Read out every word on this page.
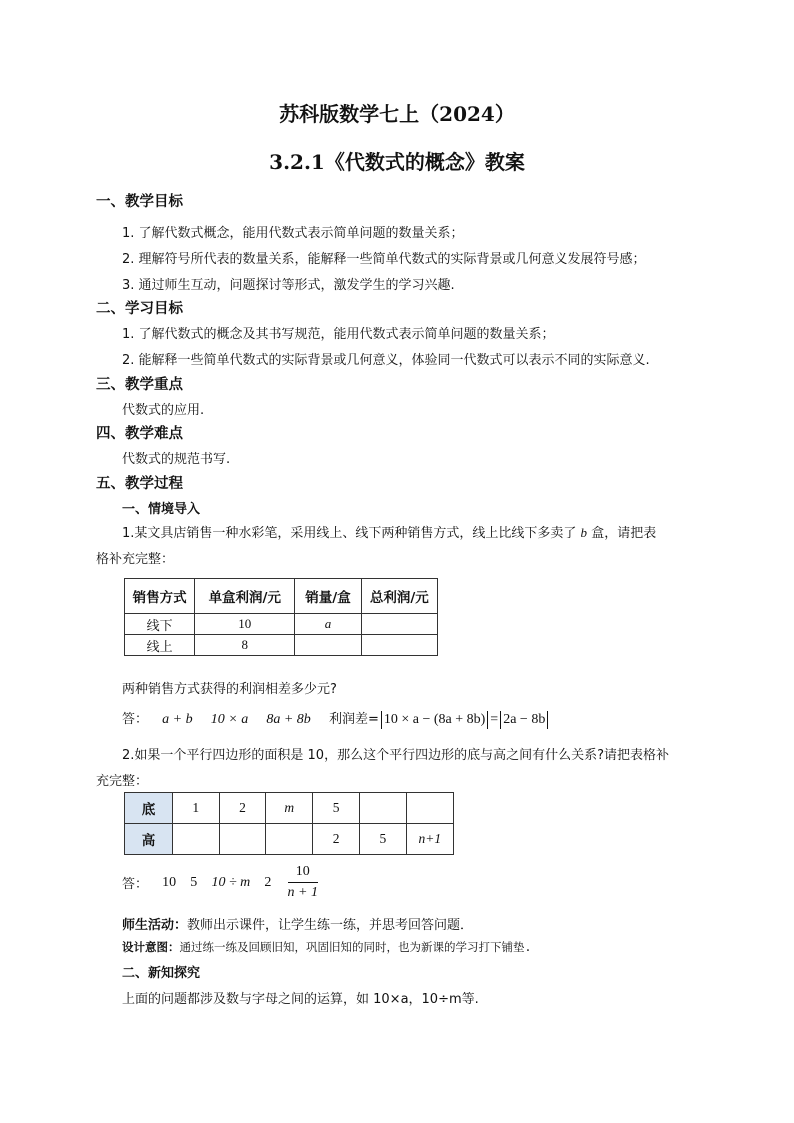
苏科版数学七上（2024）
3.2.1《代数式的概念》教案
一、教学目标
1. 了解代数式概念，能用代数式表示简单问题的数量关系；
2. 理解符号所代表的数量关系，能解释一些简单代数式的实际背景或几何意义发展符号感；
3. 通过师生互动，问题探讨等形式，激发学生的学习兴趣.
二、学习目标
1. 了解代数式的概念及其书写规范，能用代数式表示简单问题的数量关系；
2. 能解释一些简单代数式的实际背景或几何意义，体验同一代数式可以表示不同的实际意义.
三、教学重点
代数式的应用.
四、教学难点
代数式的规范书写.
五、教学过程
一、情境导入
1.某文具店销售一种水彩笔，采用线上、线下两种销售方式，线上比线下多卖了 b 盒，请把表
格补充完整：
销售方式	单盒利润/元	销量/盒	总利润/元
线下	10	a	
线上	8		
两种销售方式获得的利润相差多少元?
答： a + b 10 × a 8a + 8b 利润差= 10 × a − (8a + 8b) = 2a − 8b
2.如果一个平行四边形的面积是 10，那么这个平行四边形的底与高之间有什么关系?请把表格补
充完整：
底	1	2	m	5		
高				2	5	n+1
答： 10 5 10 ÷ m $2 \frac{10}{n + 1}$
师生活动：教师出示课件，让学生练一练，并思考回答问题．
设计意图：通过练一练及回顾旧知，巩固旧知的同时，也为新课的学习打下铺垫.
二、新知探究
上面的问题都涉及数与字母之间的运算，如 10×a，10÷m等.
